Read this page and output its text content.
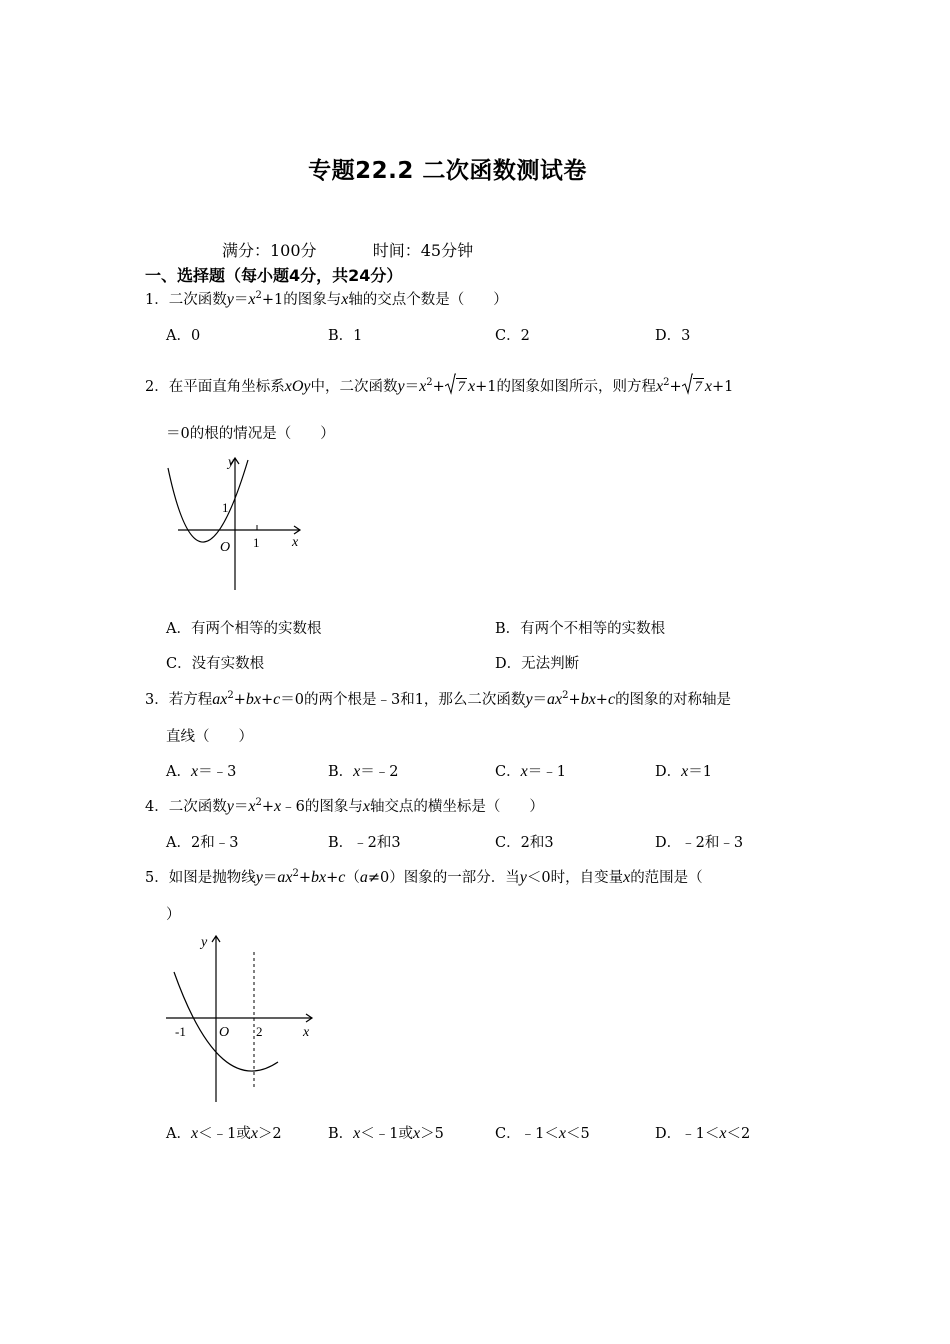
专题22.2 二次函数测试卷
满分：100分	时间：45分钟
一、选择题（每小题4分，共24分）
1．二次函数$y=x^2+1$的图象与x轴的交点个数是（　　）
A．0	B．1	C．2	D．3
2．在平面直角坐标系xOy中，二次函数$y=x^2+ 7$ x+1的图象如图所示，则方程$x^2+ 7$ x+1
＝0的根的情况是（　　）
y
x
1
1
O
A．有两个相等的实数根	B．有两个不相等的实数根
C．没有实数根	D．无法判断
3．若方程$ax^2+bx+c=0$的两个根是﹣3和1，那么二次函数$y=ax^2+bx+c$的图象的对称轴是
直线（　　）
A．x＝﹣3	B．x＝﹣2	C．x＝﹣1	D．x＝1
4．二次函数$y=x^2+x﹣6$的图象与x轴交点的横坐标是（　　）
A．2和﹣3	B．﹣2和3	C．2和3	D．﹣2和﹣3
5．如图是抛物线$y=ax^2+bx+c(a\ne 0)$图象的一部分．当y＜0时，自变量x的范围是（
）
y
x
-1 O 2
A．x＜﹣1或x＞2	B．x＜﹣1或x＞5	C．﹣1＜x＜5	D．﹣1＜x＜2
